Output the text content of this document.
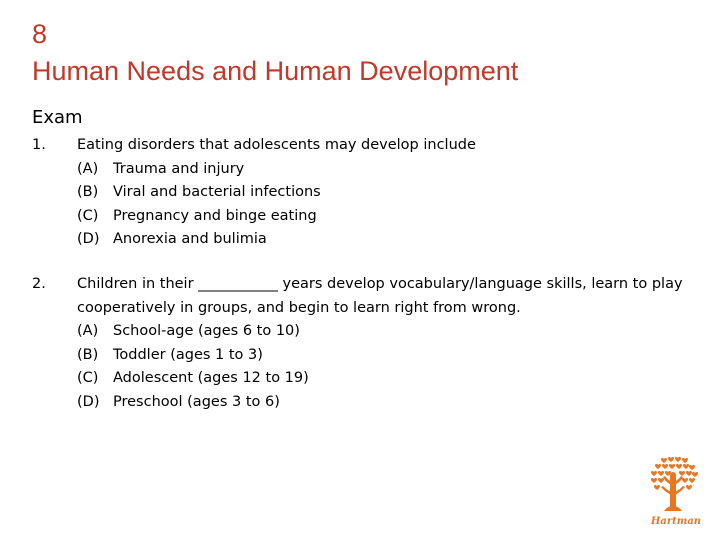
8
Human Needs and Human Development
Exam
1. Eating disorders that adolescents may develop include
(A) Trauma and injury
(B) Viral and bacterial infections
(C) Pregnancy and binge eating
(D) Anorexia and bulimia
2. Children in their ___________ years develop vocabulary/language skills, learn to play cooperatively in groups, and begin to learn right from wrong.
(A) School-age (ages 6 to 10)
(B) Toddler (ages 1 to 3)
(C) Adolescent (ages 12 to 19)
(D) Preschool (ages 3 to 6)
Hartman
